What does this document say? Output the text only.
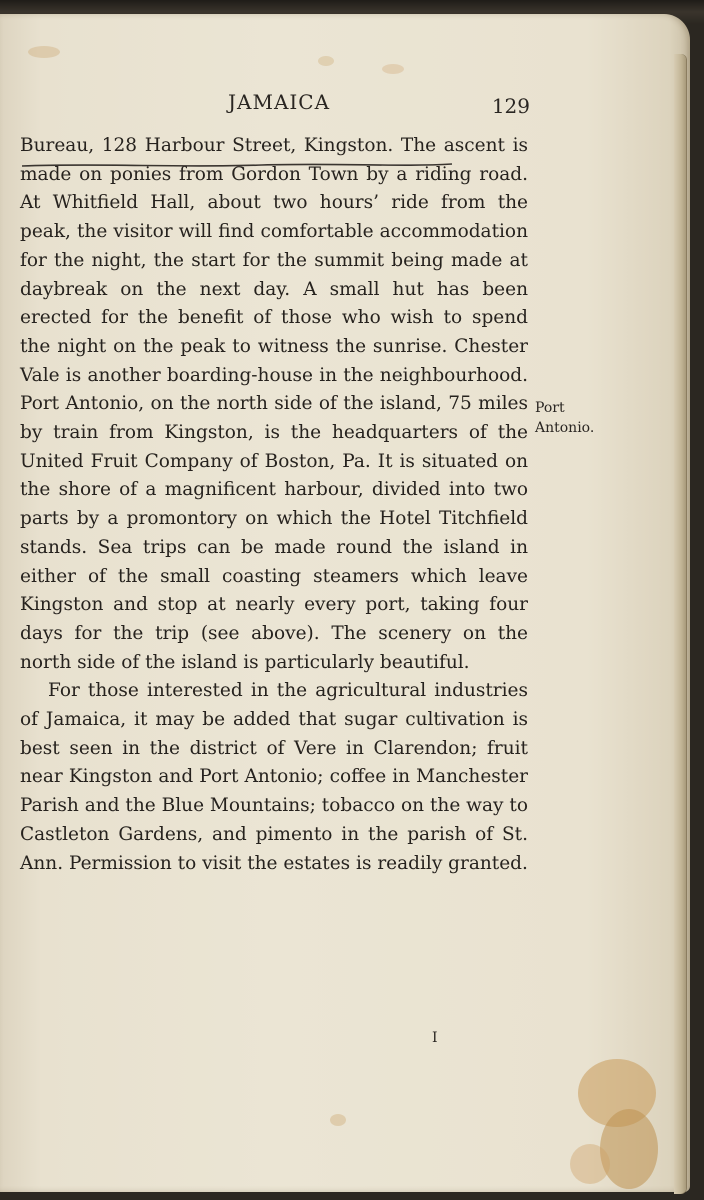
JAMAICA	129

Bureau, 128 Harbour Street, Kingston. The ascent is made on ponies from Gordon Town by a riding road. At Whitfield Hall, about two hours’ ride from the peak, the visitor will find comfortable accommodation for the night, the start for the summit being made at daybreak on the next day. A small hut has been erected for the benefit of those who wish to spend the night on the peak to witness the sunrise. Chester Vale is another boarding-house in the neighbourhood. Port Antonio, on the north side of the island, 75 miles by train from Kingston, is the headquarters of the United Fruit Company of Boston, Pa. It is situated on the shore of a magnificent harbour, divided into two parts by a promontory on which the Hotel Titchfield stands. Sea trips can be made round the island in either of the small coasting steamers which leave Kingston and stop at nearly every port, taking four days for the trip (see above). The scenery on the north side of the island is particularly beautiful.

For those interested in the agricultural industries of Jamaica, it may be added that sugar cultivation is best seen in the district of Vere in Clarendon; fruit near Kingston and Port Antonio; coffee in Manchester Parish and the Blue Mountains; tobacco on the way to Castleton Gardens, and pimento in the parish of St. Ann. Permission to visit the estates is readily granted.

Port
Antonio.
I
